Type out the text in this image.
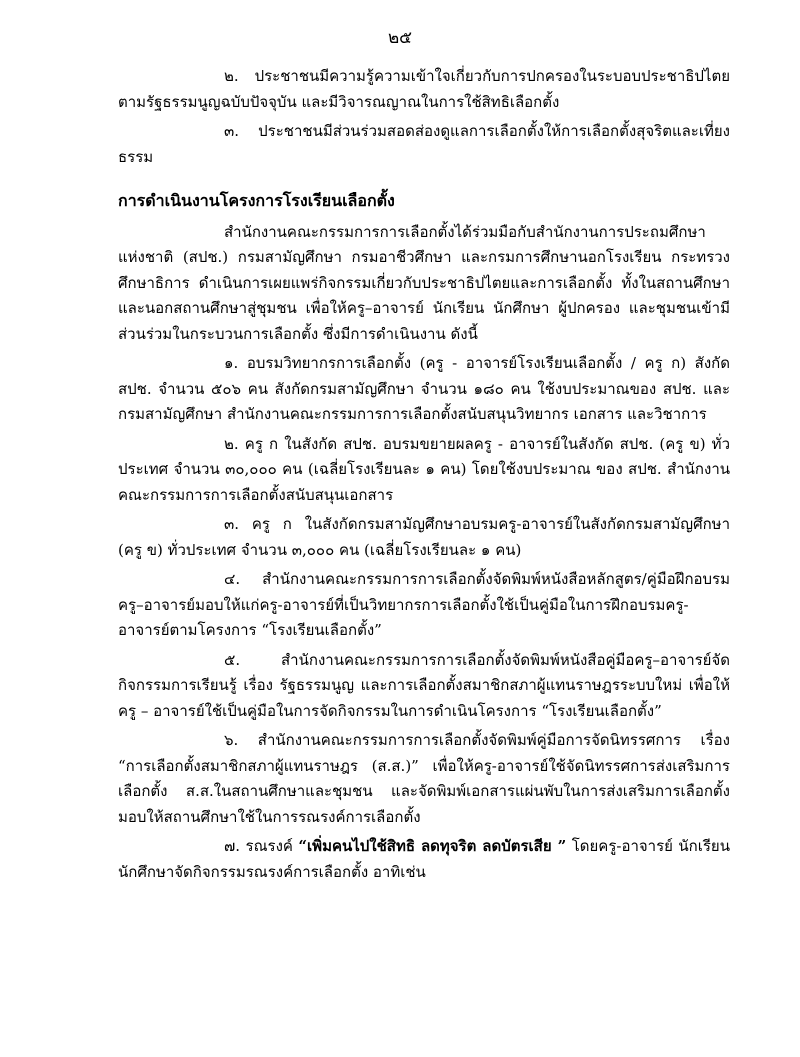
๒๕

๒. ประชาชนมีความรู้ความเข้าใจเกี่ยวกับการปกครองในระบอบประชาธิปไตยตามรัฐธรรมนูญฉบับปัจจุบัน และมีวิจารณญาณในการใช้สิทธิเลือกตั้ง

๓. ประชาชนมีส่วนร่วมสอดส่องดูแลการเลือกตั้งให้การเลือกตั้งสุจริตและเที่ยงธรรม

การดำเนินงานโครงการโรงเรียนเลือกตั้ง

สำนักงานคณะกรรมการการเลือกตั้งได้ร่วมมือกับสำนักงานการประถมศึกษาแห่งชาติ (สปช.) กรมสามัญศึกษา กรมอาชีวศึกษา และกรมการศึกษานอกโรงเรียน กระทรวงศึกษาธิการ ดำเนินการเผยแพร่กิจกรรมเกี่ยวกับประชาธิปไตยและการเลือกตั้ง ทั้งในสถานศึกษาและนอกสถานศึกษาสู่ชุมชน เพื่อให้ครู–อาจารย์ นักเรียน นักศึกษา ผู้ปกครอง และชุมชนเข้ามีส่วนร่วมในกระบวนการเลือกตั้ง ซึ่งมีการดำเนินงาน ดังนี้

๑. อบรมวิทยากรการเลือกตั้ง (ครู - อาจารย์โรงเรียนเลือกตั้ง / ครู ก) สังกัด สปช. จำนวน ๕๐๖ คน สังกัดกรมสามัญศึกษา จำนวน ๑๘๐ คน ใช้งบประมาณของ สปช. และกรมสามัญศึกษา สำนักงานคณะกรรมการการเลือกตั้งสนับสนุนวิทยากร เอกสาร และวิชาการ

๒. ครู ก ในสังกัด สปช. อบรมขยายผลครู - อาจารย์ในสังกัด สปช. (ครู ข) ทั่วประเทศ จำนวน ๓๐,๐๐๐ คน (เฉลี่ยโรงเรียนละ ๑ คน) โดยใช้งบประมาณ ของ สปช. สำนักงานคณะกรรมการการเลือกตั้งสนับสนุนเอกสาร

๓. ครู ก ในสังกัดกรมสามัญศึกษาอบรมครู-อาจารย์ในสังกัดกรมสามัญศึกษา (ครู ข) ทั่วประเทศ จำนวน ๓,๐๐๐ คน (เฉลี่ยโรงเรียนละ ๑ คน)

๔. สำนักงานคณะกรรมการการเลือกตั้งจัดพิมพ์หนังสือหลักสูตร/คู่มือฝึกอบรมครู–อาจารย์มอบให้แก่ครู-อาจารย์ที่เป็นวิทยากรการเลือกตั้งใช้เป็นคู่มือในการฝึกอบรมครู-อาจารย์ตามโครงการ “โรงเรียนเลือกตั้ง”

๕. สำนักงานคณะกรรมการการเลือกตั้งจัดพิมพ์หนังสือคู่มือครู–อาจารย์จัดกิจกรรมการเรียนรู้ เรื่อง รัฐธรรมนูญ และการเลือกตั้งสมาชิกสภาผู้แทนราษฎรระบบใหม่ เพื่อให้ครู – อาจารย์ใช้เป็นคู่มือในการจัดกิจกรรมในการดำเนินโครงการ “โรงเรียนเลือกตั้ง”

๖. สำนักงานคณะกรรมการการเลือกตั้งจัดพิมพ์คู่มือการจัดนิทรรศการ เรื่อง “การเลือกตั้งสมาชิกสภาผู้แทนราษฎร (ส.ส.)” เพื่อให้ครู-อาจารย์ใช้จัดนิทรรศการส่งเสริมการเลือกตั้ง ส.ส.ในสถานศึกษาและชุมชน และจัดพิมพ์เอกสารแผ่นพับในการส่งเสริมการเลือกตั้งมอบให้สถานศึกษาใช้ในการรณรงค์การเลือกตั้ง

๗. รณรงค์ “เพิ่มคนไปใช้สิทธิ ลดทุจริต ลดบัตรเสีย ” โดยครู-อาจารย์ นักเรียน นักศึกษาจัดกิจกรรมรณรงค์การเลือกตั้ง อาทิเช่น
